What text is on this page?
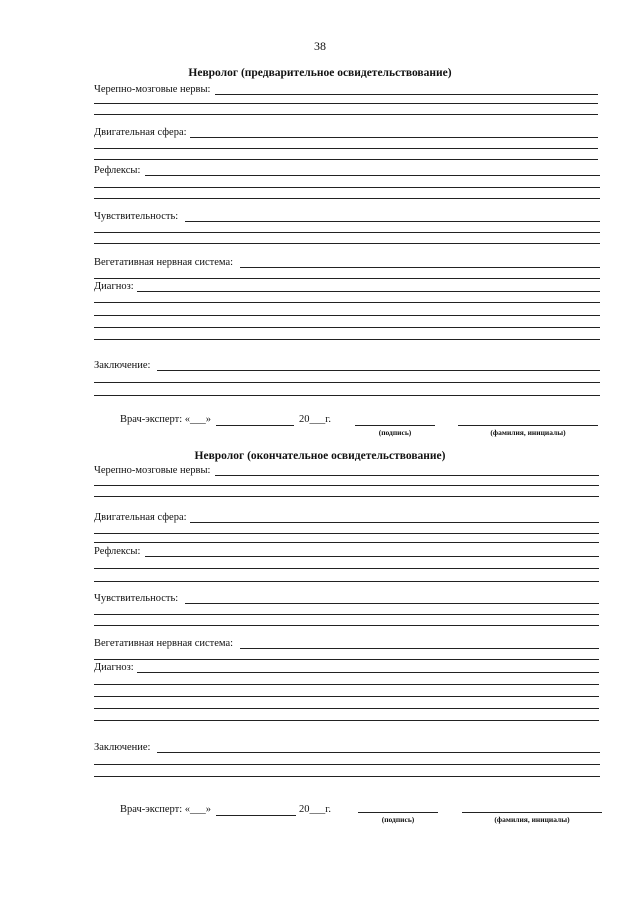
38
Невролог (предварительное освидетельствование)
Черепно-мозговые нервы:
Двигательная сфера:
Рефлексы:
Чувствительность:
Вегетативная нервная система:
Диагноз:
Заключение:
Врач-эксперт: «___»	20___г.
(подпись)	(фамилия, инициалы)
Невролог (окончательное освидетельствование)
Черепно-мозговые нервы:
Двигательная сфера:
Рефлексы:
Чувствительность:
Вегетативная нервная система:
Диагноз:
Заключение:
Врач-эксперт: «___»	20___г.
(подпись)	(фамилия, инициалы)
